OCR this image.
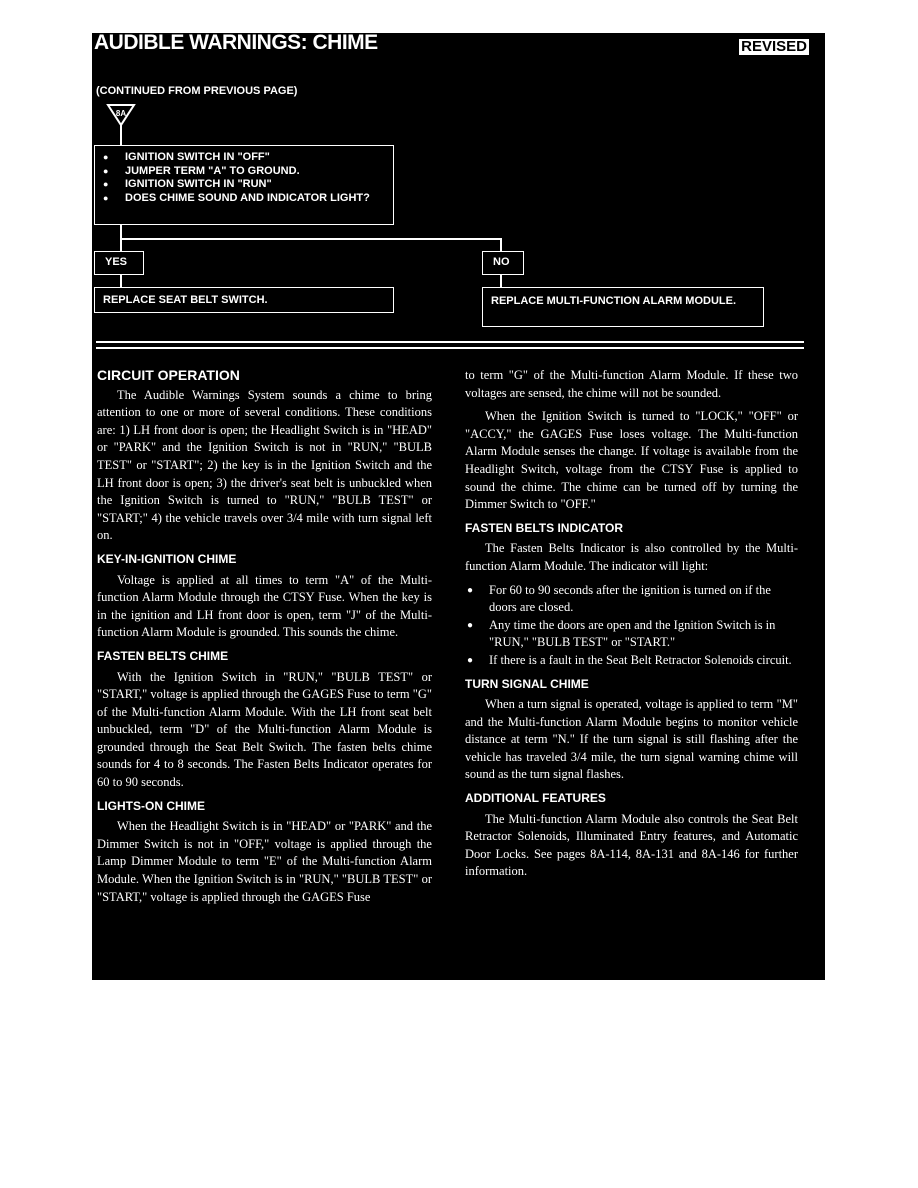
AUDIBLE WARNINGS: CHIME	REVISED
(CONTINUED FROM PREVIOUS PAGE)
8A
● IGNITION SWITCH IN "OFF"
● JUMPER TERM "A" TO GROUND.
● IGNITION SWITCH IN "RUN"
● DOES CHIME SOUND AND INDICATOR LIGHT?
YES	NO
REPLACE SEAT BELT SWITCH.	REPLACE MULTI-FUNCTION ALARM MODULE.
CIRCUIT OPERATION

The Audible Warnings System sounds a chime to bring attention to one or more of several conditions. These conditions are: 1) LH front door is open; the Headlight Switch is in "HEAD" or "PARK" and the Ignition Switch is not in "RUN," "BULB TEST" or "START"; 2) the key is in the Ignition Switch and the LH front door is open; 3) the driver's seat belt is unbuckled when the Ignition Switch is turned to "RUN," "BULB TEST" or "START;" 4) the vehicle travels over 3/4 mile with turn signal left on.

KEY-IN-IGNITION CHIME

Voltage is applied at all times to term "A" of the Multi-function Alarm Module through the CTSY Fuse. When the key is in the ignition and LH front door is open, term "J" of the Multi-function Alarm Module is grounded. This sounds the chime.

FASTEN BELTS CHIME

With the Ignition Switch in "RUN," "BULB TEST" or "START," voltage is applied through the GAGES Fuse to term "G" of the Multi-function Alarm Module. With the LH front seat belt unbuckled, term "D" of the Multi-function Alarm Module is grounded through the Seat Belt Switch. The fasten belts chime sounds for 4 to 8 seconds. The Fasten Belts Indicator operates for 60 to 90 seconds.

LIGHTS-ON CHIME

When the Headlight Switch is in "HEAD" or "PARK" and the Dimmer Switch is not in "OFF," voltage is applied through the Lamp Dimmer Module to term "E" of the Multi-function Alarm Module. When the Ignition Switch is in "RUN," "BULB TEST" or "START," voltage is applied through the GAGES Fuse

to term "G" of the Multi-function Alarm Module. If these two voltages are sensed, the chime will not be sounded.

When the Ignition Switch is turned to "LOCK," "OFF" or "ACCY," the GAGES Fuse loses voltage. The Multi-function Alarm Module senses the change. If voltage is available from the Headlight Switch, voltage from the CTSY Fuse is applied to sound the chime. The chime can be turned off by turning the Dimmer Switch to "OFF."

FASTEN BELTS INDICATOR

The Fasten Belts Indicator is also controlled by the Multi-function Alarm Module. The indicator will light:

● For 60 to 90 seconds after the ignition is turned on if the doors are closed.
● Any time the doors are open and the Ignition Switch is in "RUN," "BULB TEST" or "START."
● If there is a fault in the Seat Belt Retractor Solenoids circuit.
TURN SIGNAL CHIME

When a turn signal is operated, voltage is applied to term "M" and the Multi-function Alarm Module begins to monitor vehicle distance at term "N." If the turn signal is still flashing after the vehicle has traveled 3/4 mile, the turn signal warning chime will sound as the turn signal flashes.

ADDITIONAL FEATURES

The Multi-function Alarm Module also controls the Seat Belt Retractor Solenoids, Illuminated Entry features, and Automatic Door Locks. See pages 8A-114, 8A-131 and 8A-146 for further information.
